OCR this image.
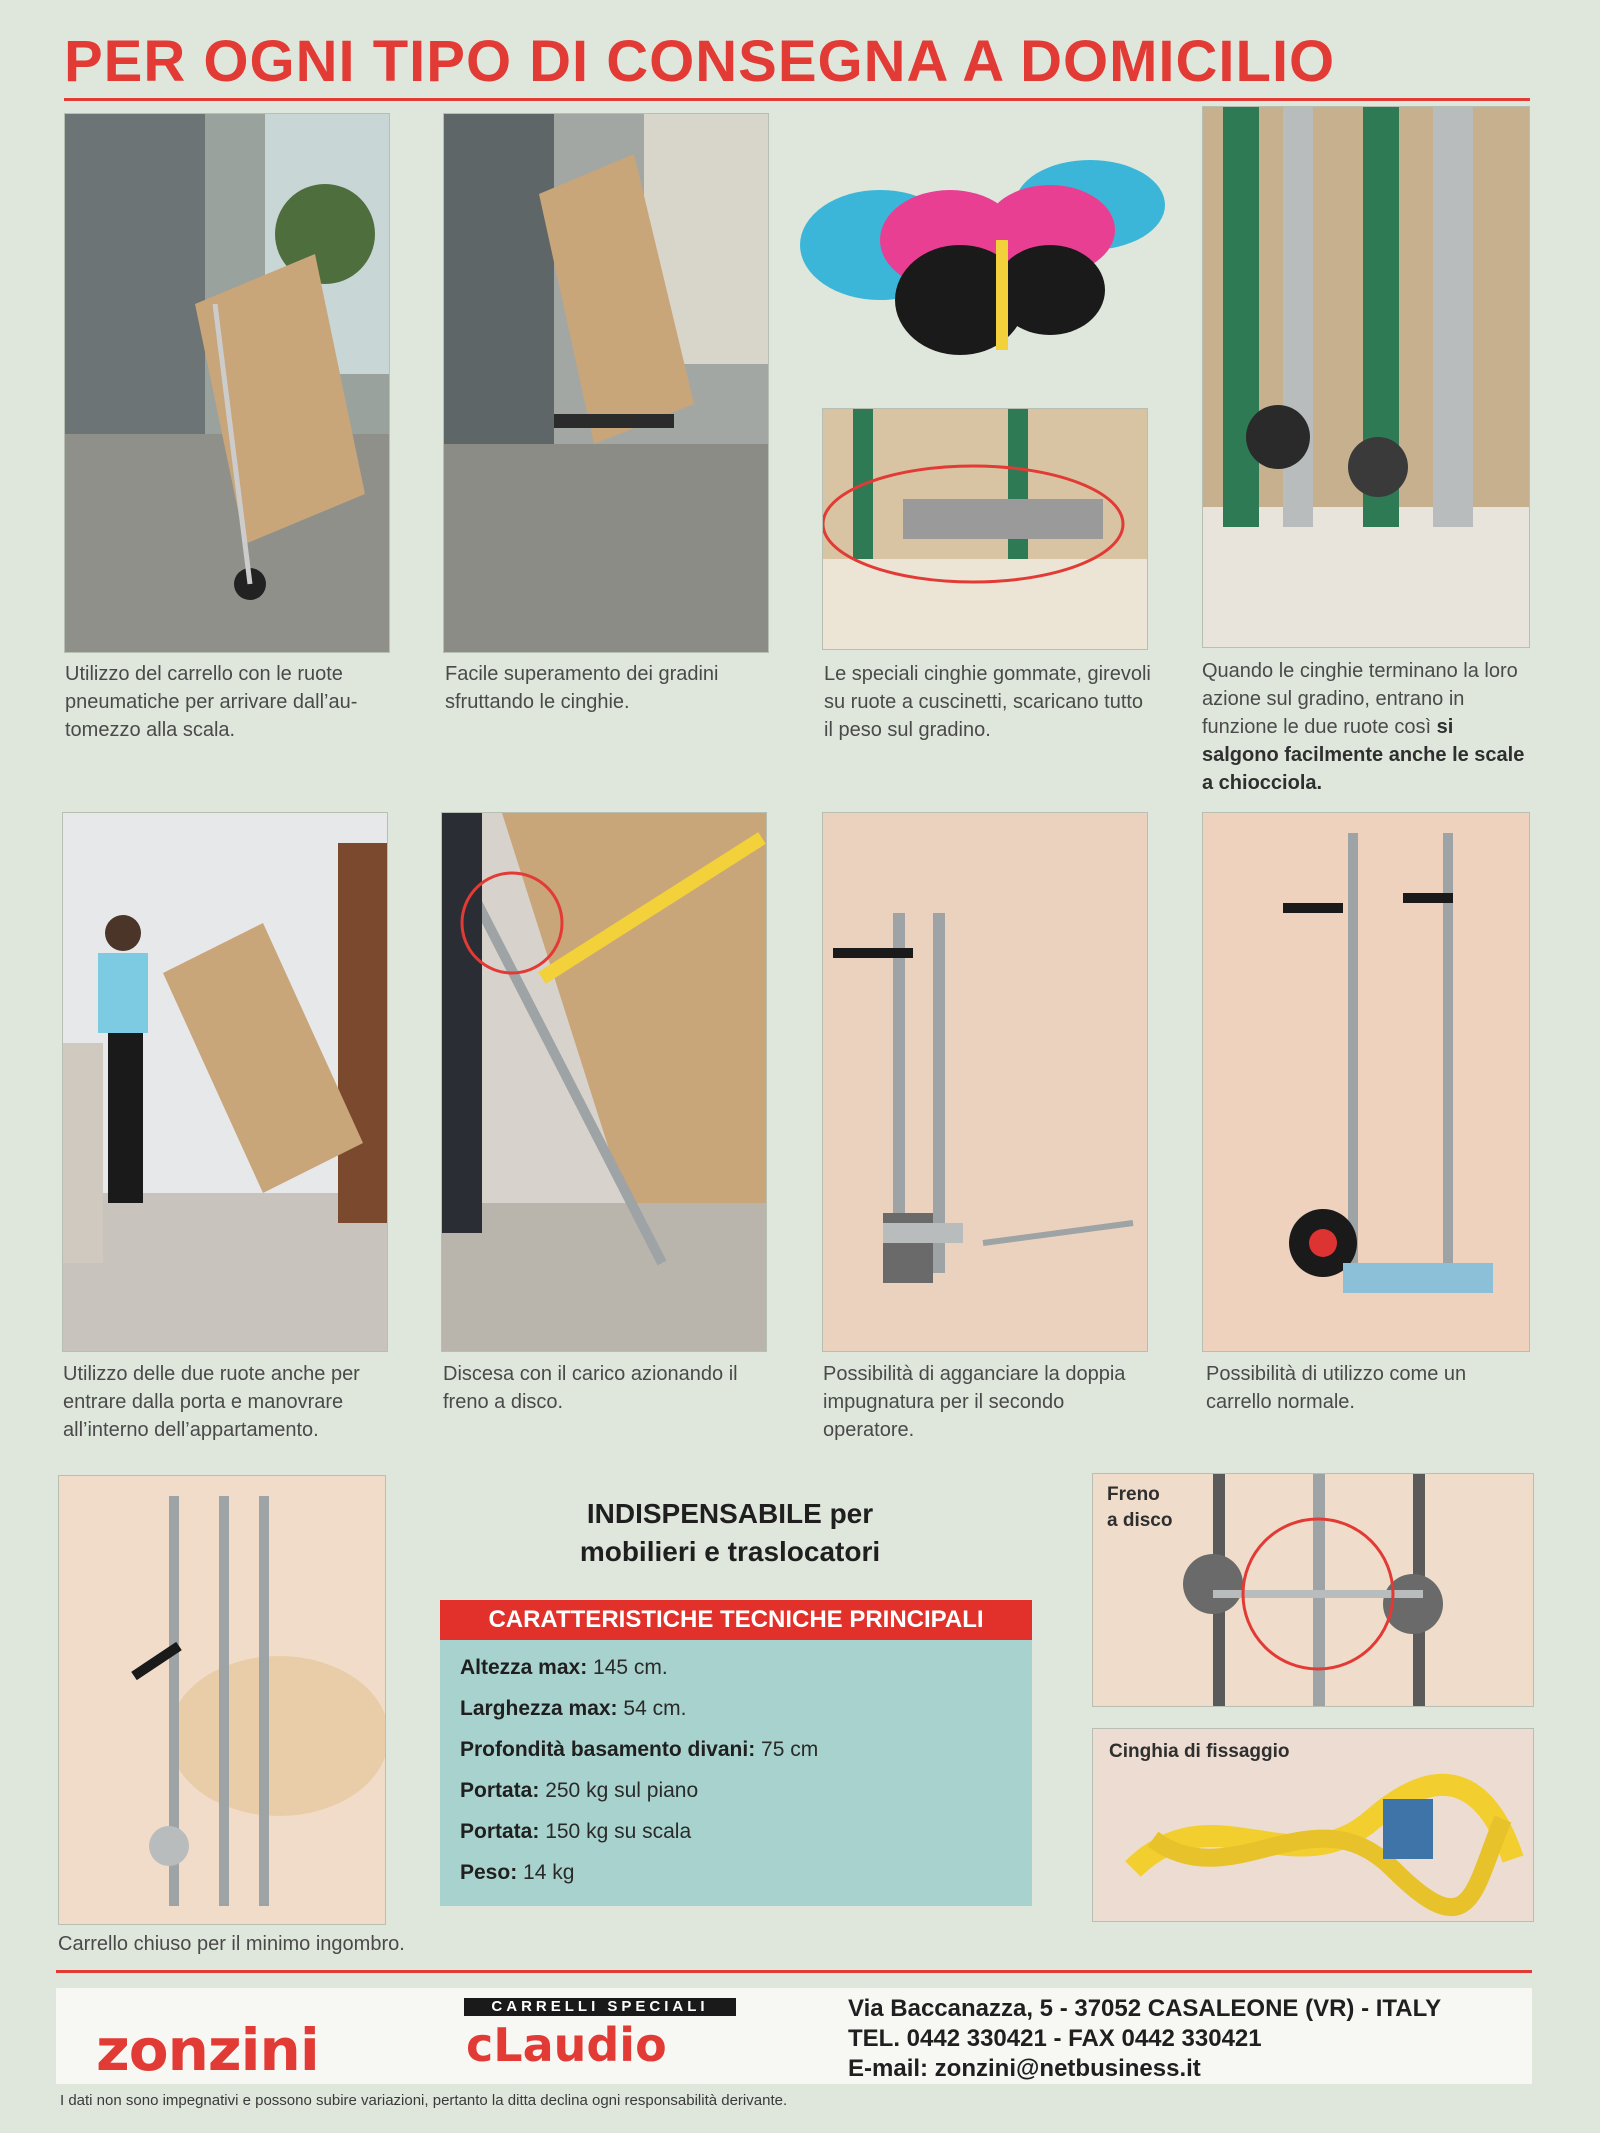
PER OGNI TIPO DI CONSEGNA A DOMICILIO
Utilizzo del carrello con le ruote pneumatiche per arrivare dall’au-tomezzo alla scala.
Facile superamento dei gradini sfruttando le cinghie.
Le speciali cinghie gommate, girevoli su ruote a cuscinetti, scaricano tutto il peso sul gradino.
Quando le cinghie terminano la loro azione sul gradino, entrano in funzione le due ruote così si salgono facilmente anche le scale a chiocciola.
Utilizzo delle due ruote anche per entrare dalla porta e manovrare all’interno dell’appartamento.
Discesa con il carico azionando il freno a disco.
Possibilità di agganciare la doppia impugnatura per il secondo operatore.
Possibilità di utilizzo come un carrello normale.
Carrello chiuso per il minimo ingombro.
INDISPENSABILE per
mobilieri e traslocatori
CARATTERISTICHE TECNICHE PRINCIPALI
Altezza max: 145 cm.
Larghezza max: 54 cm.
Profondità basamento divani: 75 cm
Portata: 250 kg sul piano
Portata: 150 kg su scala
Peso: 14 kg
Freno
a disco
Cinghia di fissaggio
CARRELLI SPECIALI
zonzini	cLaudio
Via Baccanazza, 5 - 37052 CASALEONE (VR) - ITALY
TEL. 0442 330421 - FAX 0442 330421
E-mail: zonzini@netbusiness.it
I dati non sono impegnativi e possono subire variazioni, pertanto la ditta declina ogni responsabilità derivante.
